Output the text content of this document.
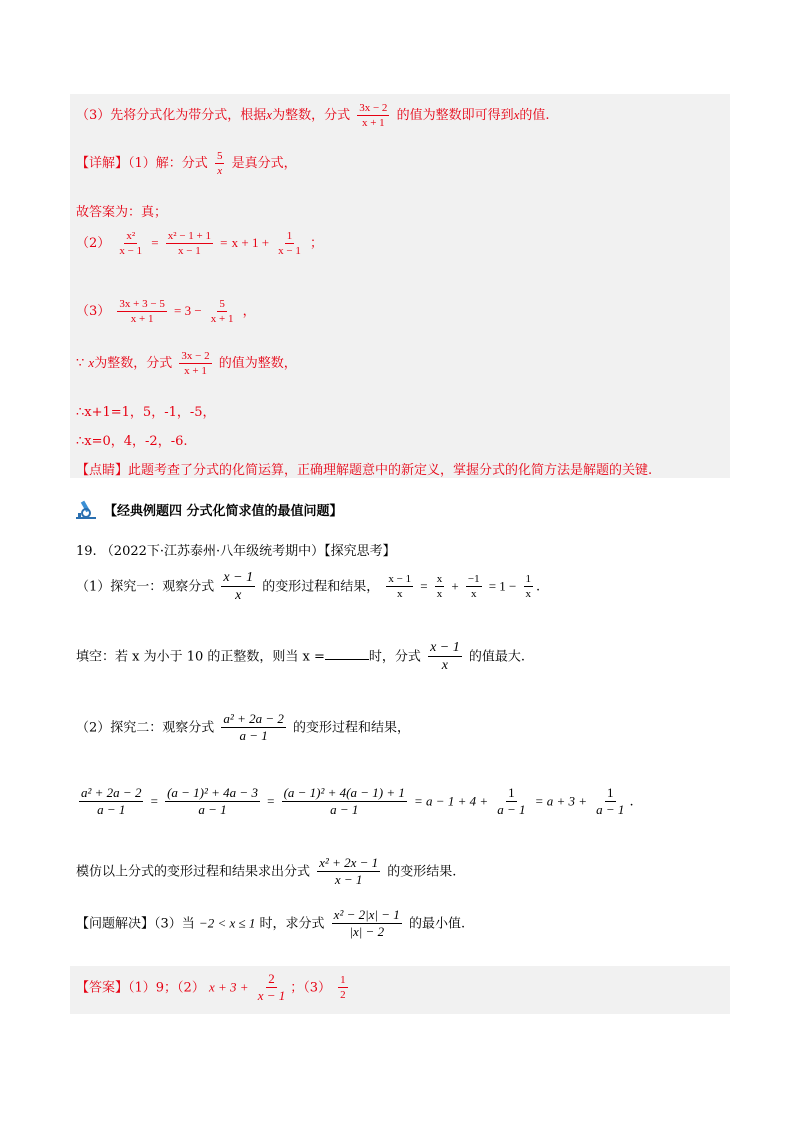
（3）先将分式化为带分式，根据x为整数，分式 $\frac{3x - 2}{x + 1}$ 的值为整数即可得到x的值.
【详解】（1）解：分式 $\frac{5}{x}$ 是真分式，
故答案为：真；
$(2) \frac{\text{x²}}{x - 1} = \frac{\text{x² − 1 + 1}}{x - 1} = x + 1 + \frac{1}{x - 1}$ ；
$(3) \frac{3x + 3 - 5}{x + 1} = 3 - \frac{5}{x + 1}$ ，
∵ x为整数，分式 $\frac{3x - 2}{x + 1}$ 的值为整数，
∴x+1=1，5，-1，-5，
∴x=0，4，-2，-6.
【点睛】此题考查了分式的化简运算，正确理解题意中的新定义，掌握分式的化简方法是解题的关键.
【经典例题四 分式化简求值的最值问题】
19. （2022下·江苏泰州·八年级统考期中）【探究思考】
（1）探究一：观察分式 $\frac{x - 1}{x}$ 的变形过程和结果， $\frac{x - 1}{x} = \frac{x}{x} + \frac{-1}{x} = 1 - \frac{1}{x}$ .
填空：若 x 为小于 10 的正整数，则当 x =	时，分式 $\frac{x - 1}{x}$ 的值最大.
（2）探究二：观察分式 $\frac{\text{a² + 2a − 2}}{a - 1}$ 的变形过程和结果，
$\frac{\text{a² + 2a − 2}}{a - 1} = \frac{\text{(a − 1)² + 4a − 3}}{a - 1} = \frac{\text{(a − 1)² + 4(a − 1) + 1}}{a - 1} = a - 1 + 4 + \frac{1}{a - 1} = a + 3 + \frac{1}{a - 1}$ .
模仿以上分式的变形过程和结果求出分式 $\frac{\text{x² + 2x − 1}}{x - 1}$ 的变形结果.
【问题解决】（3）当 −2 < x ≤ 1 时，求分式 $\frac{\text{x² − 2|x| − 1}}{|x| - 2}$ 的最小值.
【答案】（1）9；（2） $x + 3 + \frac{2}{x - 1}$ ；$(3) \frac{1}{2}$
